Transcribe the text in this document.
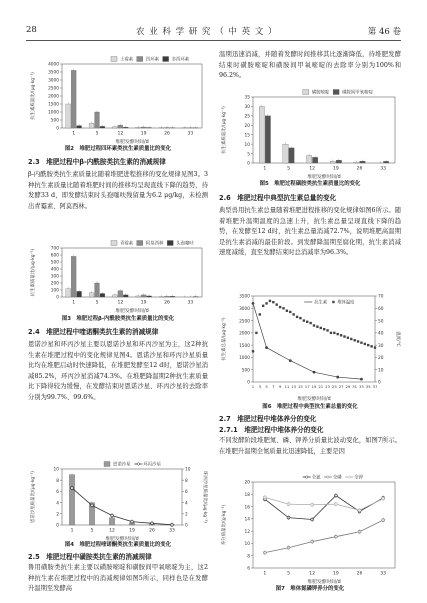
28	农 业 科 学 研 究 （ 中 英 文 ）	第 46 卷
0
500
1000
1500
2000
2500
3000
3500
4000
堆肥发酵时间/d
抗生素质量比/(μg·kg⁻¹)
1	5	12	19	26	33
土霉素	四环素	多西环素
图2　堆肥过程四环素类抗生素质量比的变化
2.3　堆肥过程中β-内酰胺类抗生素的消减规律
β-内酰胺类抗生素质量比随着堆肥进程推移的变化规律见图3。3种抗生素质量比随着堆肥时间的推移均呈现直线下降的趋势，待发酵33 d，即发酵结束时头孢噻呋残留量为6.2 μg/kg，未检测出青霉素、阿莫西林。
0
100
200
300
400
500
600
700
堆肥发酵时间/d
抗生素质量比/(μg·kg⁻¹)
1	5	12	19	26	33
青霉素	阿莫西林	头孢噻呋
图3　堆肥过程β-内酰胺类抗生素质量比的变化
2.4　堆肥过程中喹诺酮类抗生素的消减规律
恩诺沙星和环丙沙星主要以恩诺沙星和环丙沙星为主，这2种抗生素在堆肥过程中的变化规律见图4。恩诺沙星和环丙沙星质量比均在堆肥启动时快速降低，在堆肥发酵至12 d时，恩诺沙星消减85.2%，环丙沙星消减74.3%。在堆肥降温期2种抗生素质量比下降得较为缓慢，在发酵结束时恩诺沙星、环丙沙星的去除率分别为99.7%、99.6%。
0
2
4
6
8
10
0
2
4
6
8
10
环丙沙星质量比/(μg·kg⁻¹)
堆肥发酵时间/d
恩诺沙星质量比/(μg·kg⁻¹)
1	5	12	19	26	33
恩诺沙星	环丙沙星
图4　堆肥过程喹诺酮类抗生素质量比的变化
2.5　堆肥过程中磺胺类抗生素的消减规律
鲁用磺胺类抗生素主要以磺胺嘧啶和磺胺间甲氧嘧啶为主，这2种抗生素在堆肥过程中的消减规律如图5所示，同样也是在发酵升温期至发酵高
温期迅速消减，并随着发酵时间推移其比逐渐降低，待堆肥发酵结束时磺胺嘧啶和磺胺间甲氧嘧啶的去除率分别为100%和96.2%。
0
5
10
15
20
25
30
35
堆肥发酵时间/d
抗生素质量比/(μg·kg⁻¹)
1	5	12	19	26	33
磺胺嘧啶	磺胺间甲氧嘧啶
图5　堆肥过程磺胺类抗生素质量比的变化
2.6　堆肥过程中典型抗生素总量的变化
典型兽用抗生素总量随着堆肥进程推移的变化规律如图6所示。随着堆肥升温期温度的急速上升，抗生素总量呈现直线下降的趋势，在发酵至12 d时，抗生素总量消减72.7%，说明堆肥高温期是抗生素消减的最佳阶段。到发酵降温期至腐化期，抗生素消减速度减缓，直至发酵结束时总消减率为96.3%。
0
500
1000
1500
2000
2500
3000
3500
0
10
20
30
40
50
60
70
温度/℃
堆肥发酵时间/d
抗生素总量/(μg·kg⁻¹)
1 3 5 7 9 11 13 15 17 19 21 23 25 27 29 31 33 35 37
抗生素 堆体温度
图6　堆肥过程中典型抗生素总量的变化
2.7　堆肥过程中堆体养分的变化
2.7.1　堆肥过程中堆体养分的变化
不同发酵阶段堆肥氮、磷、钾养分质量比波动变化，如图7所示。在堆肥升温期全氮质量比迅速降低，主要是因
6
8
10
12
14
16
18
20
堆肥发酵时间/d
养分质量比/(g·kg⁻¹)
1	5	12	19	26	33
全氮	全磷	全钾
图7　堆体氮磷钾养分的变化
